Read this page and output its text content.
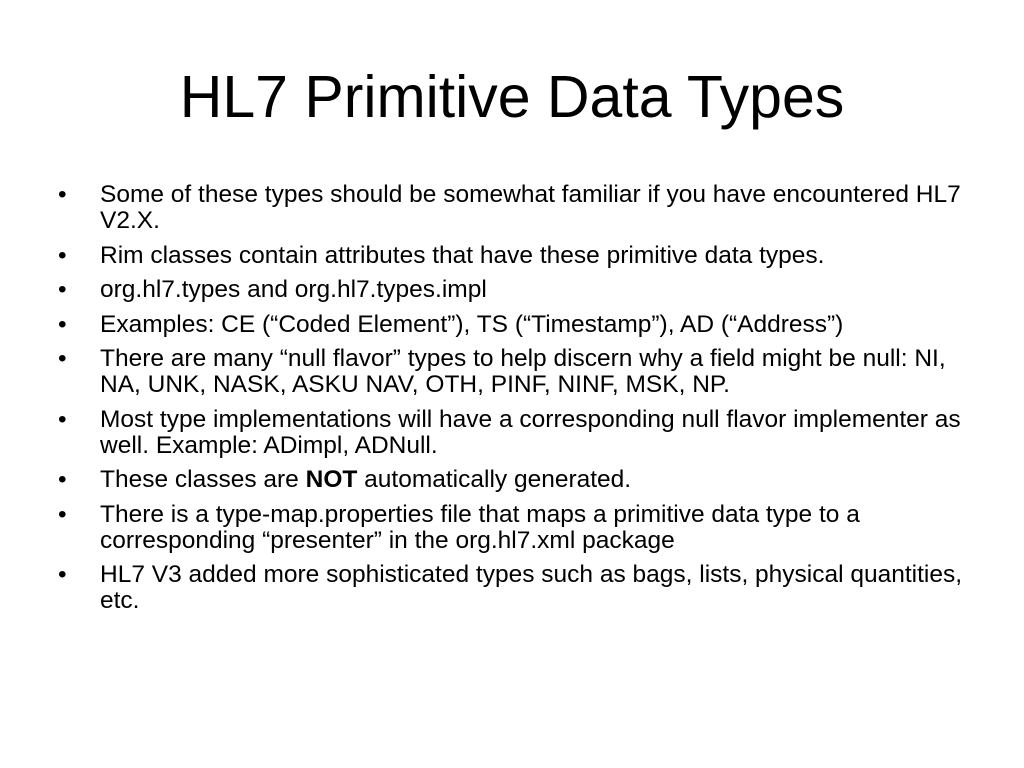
HL7 Primitive Data Types
•	Some of these types should be somewhat familiar if you have encountered HL7 V2.X.
•	Rim classes contain attributes that have these primitive data types.
•	org.hl7.types and org.hl7.types.impl
•	Examples: CE (“Coded Element”), TS (“Timestamp”), AD (“Address”)
•	There are many “null flavor” types to help discern why a field might be null: NI, NA, UNK, NASK, ASKU NAV, OTH, PINF, NINF, MSK, NP.
•	Most type implementations will have a corresponding null flavor implementer as well. Example: ADimpl, ADNull.
•	These classes are NOT automatically generated.
•	There is a type-map.properties file that maps a primitive data type to a corresponding “presenter” in the org.hl7.xml package
•	HL7 V3 added more sophisticated types such as bags, lists, physical quantities, etc.
